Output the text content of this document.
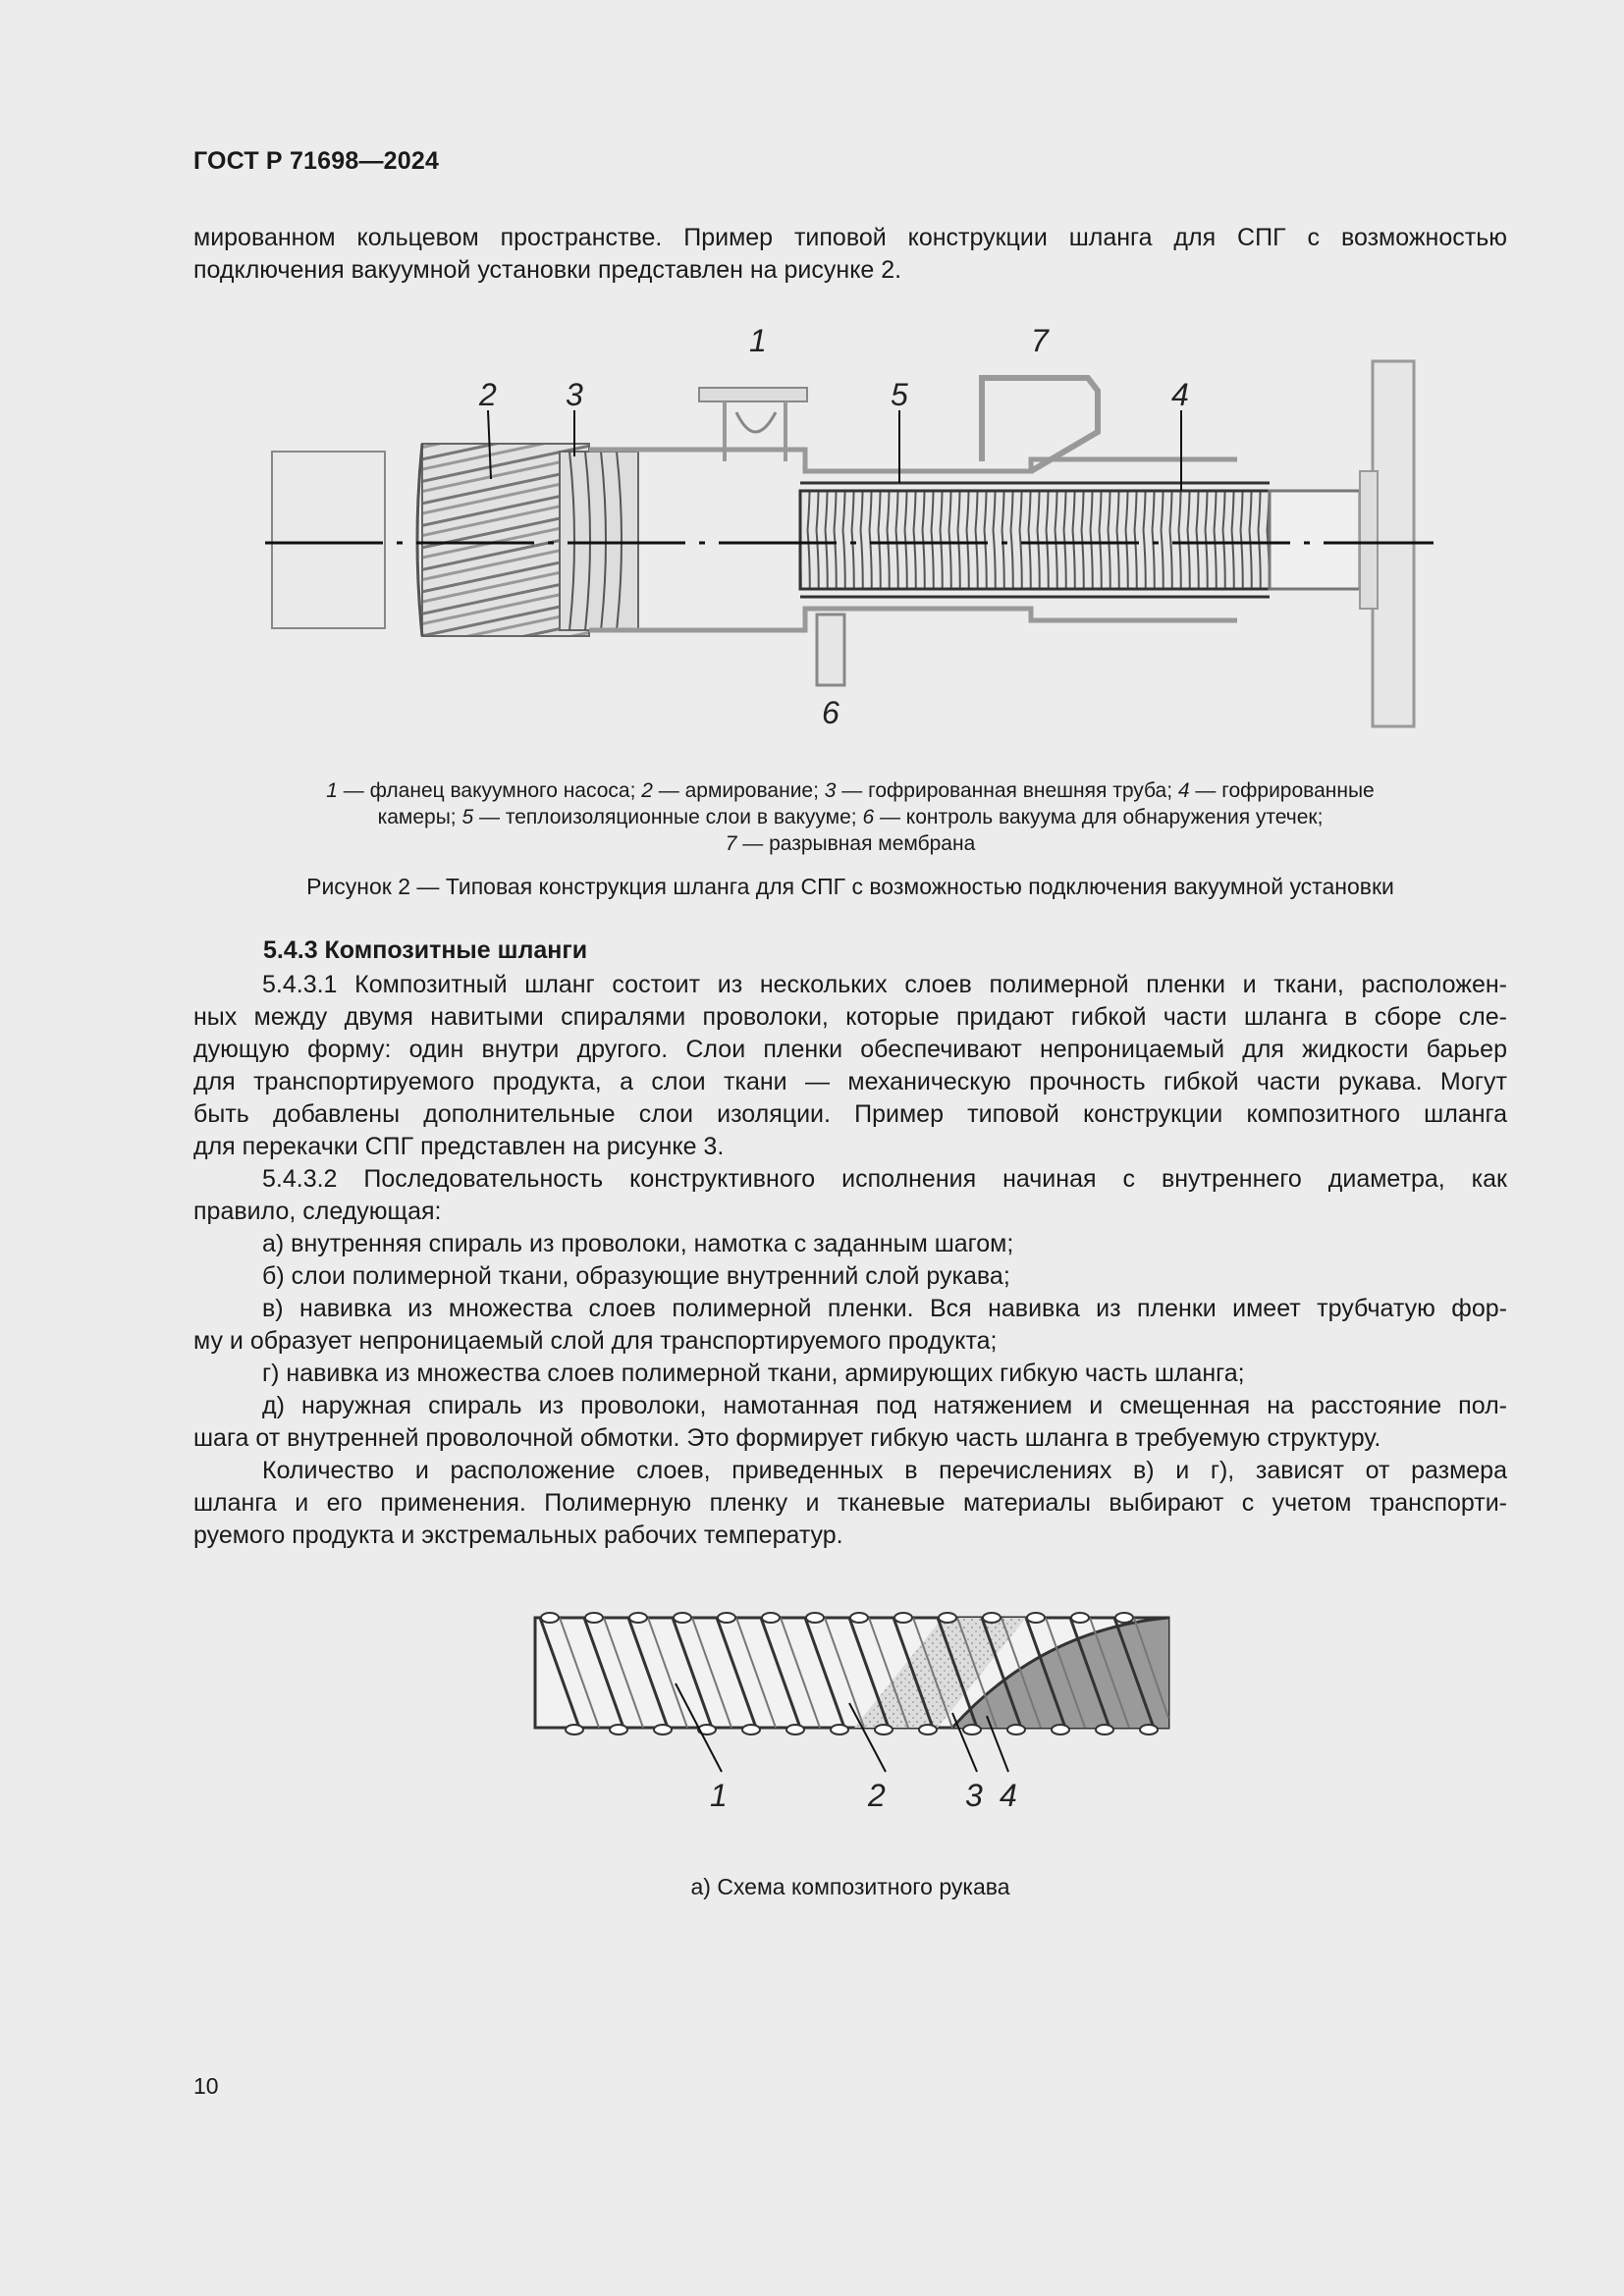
ГОСТ Р 71698—2024
мированном кольцевом пространстве. Пример типовой конструкции шланга для СПГ с возможностью
подключения вакуумной установки представлен на рисунке 2.
1
2 3	4
5
6
7
1 — фланец вакуумного насоса; 2 — армирование; 3 — гофрированная внешняя труба; 4 — гофрированные
камеры; 5 — теплоизоляционные слои в вакууме; 6 — контроль вакуума для обнаружения утечек;
7 — разрывная мембрана
Рисунок 2 — Типовая конструкция шланга для СПГ с возможностью подключения вакуумной установки
5.4.3 Композитные шланги
5.4.3.1 Композитный шланг состоит из нескольких слоев полимерной пленки и ткани, расположен-
ных между двумя навитыми спиралями проволоки, которые придают гибкой части шланга в сборе сле-
дующую форму: один внутри другого. Слои пленки обеспечивают непроницаемый для жидкости барьер
для транспортируемого продукта, а слои ткани — механическую прочность гибкой части рукава. Могут
быть добавлены дополнительные слои изоляции. Пример типовой конструкции композитного шланга
для перекачки СПГ представлен на рисунке 3.
5.4.3.2 Последовательность конструктивного исполнения начиная с внутреннего диаметра, как
правило, следующая:
а) внутренняя спираль из проволоки, намотка с заданным шагом;
б) слои полимерной ткани, образующие внутренний слой рукава;
в) навивка из множества слоев полимерной пленки. Вся навивка из пленки имеет трубчатую фор-
му и образует непроницаемый слой для транспортируемого продукта;
г) навивка из множества слоев полимерной ткани, армирующих гибкую часть шланга;
д) наружная спираль из проволоки, намотанная под натяжением и смещенная на расстояние пол-
шага от внутренней проволочной обмотки. Это формирует гибкую часть шланга в требуемую структуру.
Количество и расположение слоев, приведенных в перечислениях в) и г), зависят от размера
шланга и его применения. Полимерную пленку и тканевые материалы выбирают с учетом транспорти-
руемого продукта и экстремальных рабочих температур.
1	2	3 4
а) Схема композитного рукава
10
